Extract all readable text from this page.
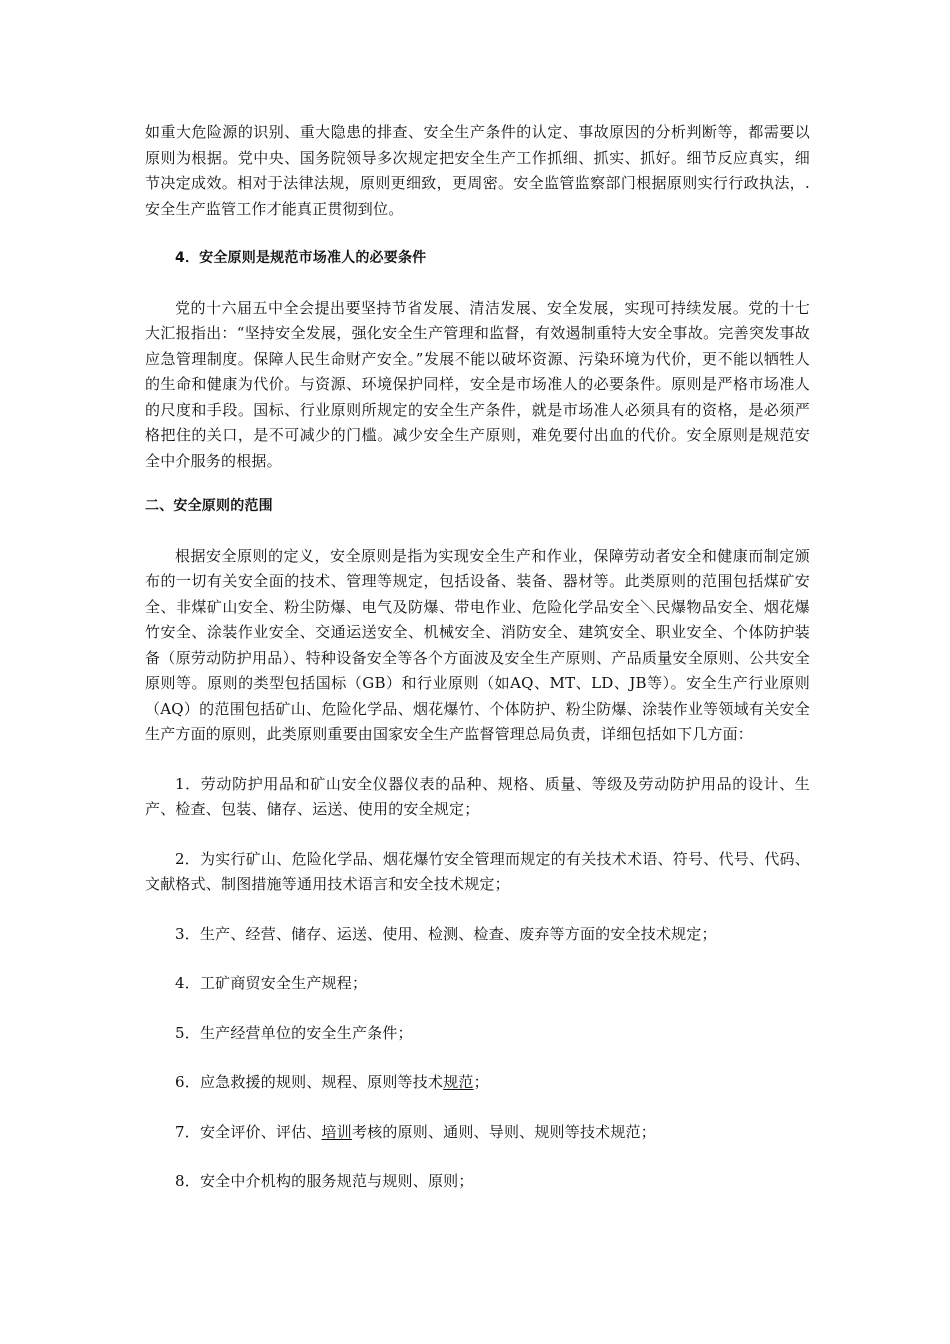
如重大危险源的识别、重大隐患的排查、安全生产条件的认定、事故原因的分析判断等，都需要以原则为根据。党中央、国务院领导多次规定把安全生产工作抓细、抓实、抓好。细节反应真实，细节决定成效。相对于法律法规，原则更细致，更周密。安全监管监察部门根据原则实行行政执法，. 安全生产监管工作才能真正贯彻到位。

4．安全原则是规范市场准人的必要条件

党的十六届五中全会提出要坚持节省发展、清洁发展、安全发展，实现可持续发展。党的十七大汇报指出：“坚持安全发展，强化安全生产管理和监督，有效遏制重特大安全事故。完善突发事故应急管理制度。保障人民生命财产安全。”发展不能以破坏资源、污染环境为代价，更不能以牺牲人的生命和健康为代价。与资源、环境保护同样，安全是市场准人的必要条件。原则是严格市场准人的尺度和手段。国标、行业原则所规定的安全生产条件，就是市场准人必须具有的资格，是必须严格把住的关口，是不可减少的门槛。减少安全生产原则，难免要付出血的代价。安全原则是规范安全中介服务的根据。

二、安全原则的范围

根据安全原则的定义，安全原则是指为实现安全生产和作业，保障劳动者安全和健康而制定颁布的一切有关安全面的技术、管理等规定，包括设备、装备、器材等。此类原则的范围包括煤矿安全、非煤矿山安全、粉尘防爆、电气及防爆、带电作业、危险化学品安全＼民爆物品安全、烟花爆竹安全、涂装作业安全、交通运送安全、机械安全、消防安全、建筑安全、职业安全、个体防护装备（原劳动防护用品）、特种设备安全等各个方面波及安全生产原则、产品质量安全原则、公共安全原则等。原则的类型包括国标（GB）和行业原则（如AQ、MT、LD、JB等）。安全生产行业原则（AQ）的范围包括矿山、危险化学品、烟花爆竹、个体防护、粉尘防爆、涂装作业等领域有关安全生产方面的原则，此类原则重要由国家安全生产监督管理总局负责，详细包括如下几方面：

1．劳动防护用品和矿山安全仪器仪表的品种、规格、质量、等级及劳动防护用品的设计、生产、检查、包装、储存、运送、使用的安全规定；

2．为实行矿山、危险化学品、烟花爆竹安全管理而规定的有关技术术语、符号、代号、代码、文献格式、制图措施等通用技术语言和安全技术规定；

3．生产、经营、储存、运送、使用、检测、检查、废弃等方面的安全技术规定；

4．工矿商贸安全生产规程；

5．生产经营单位的安全生产条件；

6．应急救援的规则、规程、原则等技术规范；

7．安全评价、评估、培训考核的原则、通则、导则、规则等技术规范；

8．安全中介机构的服务规范与规则、原则；
